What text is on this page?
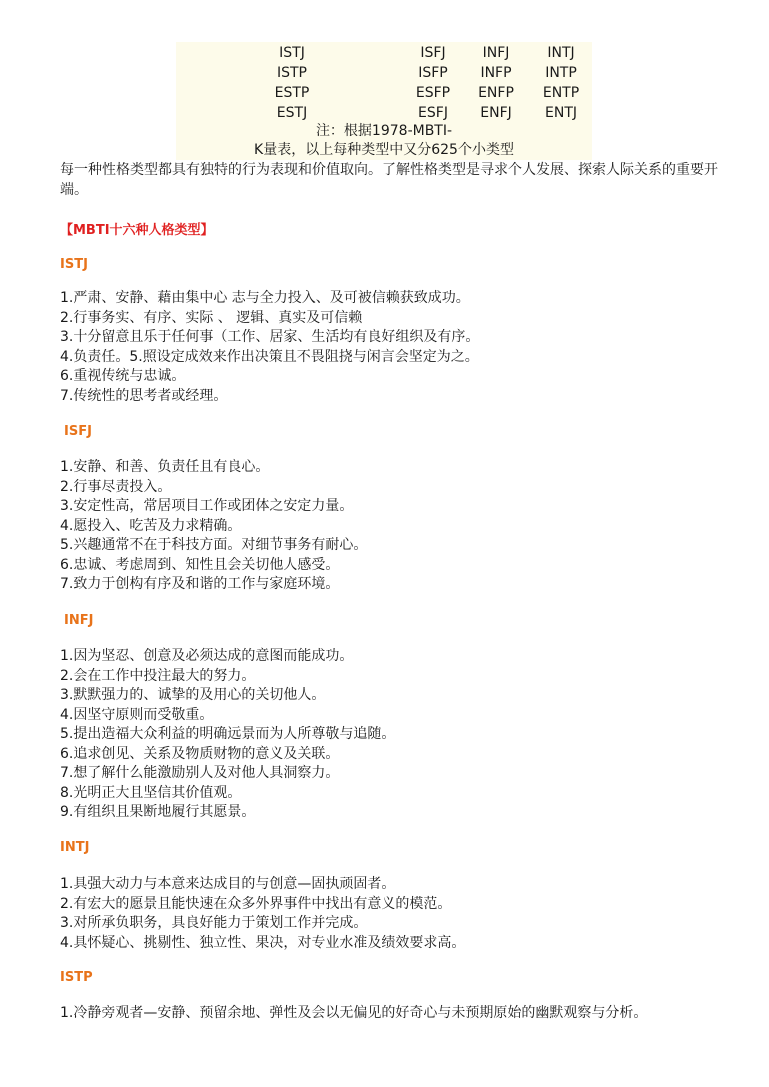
ISTJ	ISFJ	INFJ	INTJ
ISTP	ISFP	INFP	INTP
ESTP	ESFP	ENFP ENTP
ESTJ	ESFJ	ENFJ	ENTJ
注：根据1978-MBTI-
K量表，以上每种类型中又分625个小类型
每一种性格类型都具有独特的行为表现和价值取向。了解性格类型是寻求个人发展、探索人际关系的重要开端。
【MBTI十六种人格类型】
ISTJ
1.严肃、安静、藉由集中心 志与全力投入、及可被信赖获致成功。
2.行事务实、有序、实际 、 逻辑、真实及可信赖
3.十分留意且乐于任何事（工作、居家、生活均有良好组织及有序。
4.负责任。5.照设定成效来作出决策且不畏阻挠与闲言会坚定为之。
6.重视传统与忠诚。
7.传统性的思考者或经理。
ISFJ
1.安静、和善、负责任且有良心。
2.行事尽责投入。
3.安定性高，常居项目工作或团体之安定力量。
4.愿投入、吃苦及力求精确。
5.兴趣通常不在于科技方面。对细节事务有耐心。
6.忠诚、考虑周到、知性且会关切他人感受。
7.致力于创构有序及和谐的工作与家庭环境。
INFJ
1.因为坚忍、创意及必须达成的意图而能成功。
2.会在工作中投注最大的努力。
3.默默强力的、诚挚的及用心的关切他人。
4.因坚守原则而受敬重。
5.提出造福大众利益的明确远景而为人所尊敬与追随。
6.追求创见、关系及物质财物的意义及关联。
7.想了解什么能激励别人及对他人具洞察力。
8.光明正大且坚信其价值观。
9.有组织且果断地履行其愿景。
INTJ
1.具强大动力与本意来达成目的与创意—固执顽固者。
2.有宏大的愿景且能快速在众多外界事件中找出有意义的模范。
3.对所承负职务，具良好能力于策划工作并完成。
4.具怀疑心、挑剔性、独立性、果决，对专业水准及绩效要求高。
ISTP
1.冷静旁观者—安静、预留余地、弹性及会以无偏见的好奇心与未预期原始的幽默观察与分析。
